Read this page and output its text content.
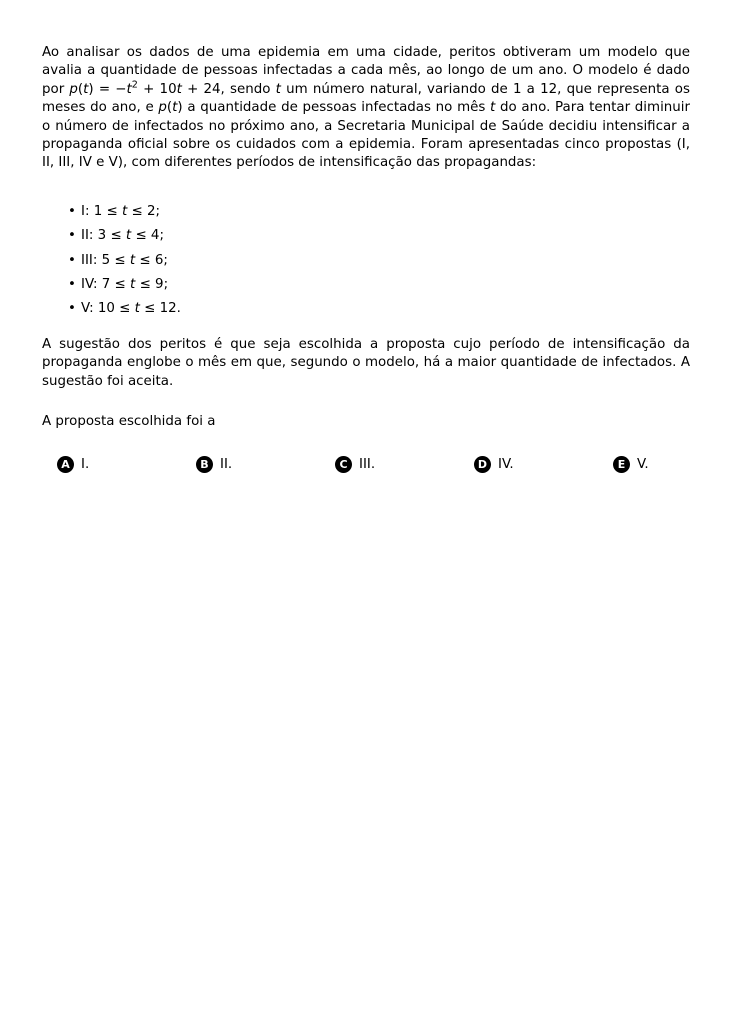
Ao analisar os dados de uma epidemia em uma cidade, peritos obtiveram um modelo que avalia a quantidade de pessoas infectadas a cada mês, ao longo de um ano. O modelo é dado por $p(t) = -t^2 + 10t + 24$, sendo t um número natural, variando de 1 a 12, que representa os meses do ano, e p(t) a quantidade de pessoas infectadas no mês t do ano. Para tentar diminuir o número de infectados no próximo ano, a Secretaria Municipal de Saúde decidiu intensificar a propaganda oficial sobre os cuidados com a epidemia. Foram apresentadas cinco propostas (I, II, III, IV e V), com diferentes períodos de intensificação das propagandas:

• I: 1 ≤ t ≤ 2;
• II: 3 ≤ t ≤ 4;
• III: 5 ≤ t ≤ 6;
• IV: 7 ≤ t ≤ 9;
• V: 10 ≤ t ≤ 12.

A sugestão dos peritos é que seja escolhida a proposta cujo período de intensificação da propaganda englobe o mês em que, segundo o modelo, há a maior quantidade de infectados. A sugestão foi aceita.

A proposta escolhida foi a

A I.	B II.	C III.	D IV.	E V.
